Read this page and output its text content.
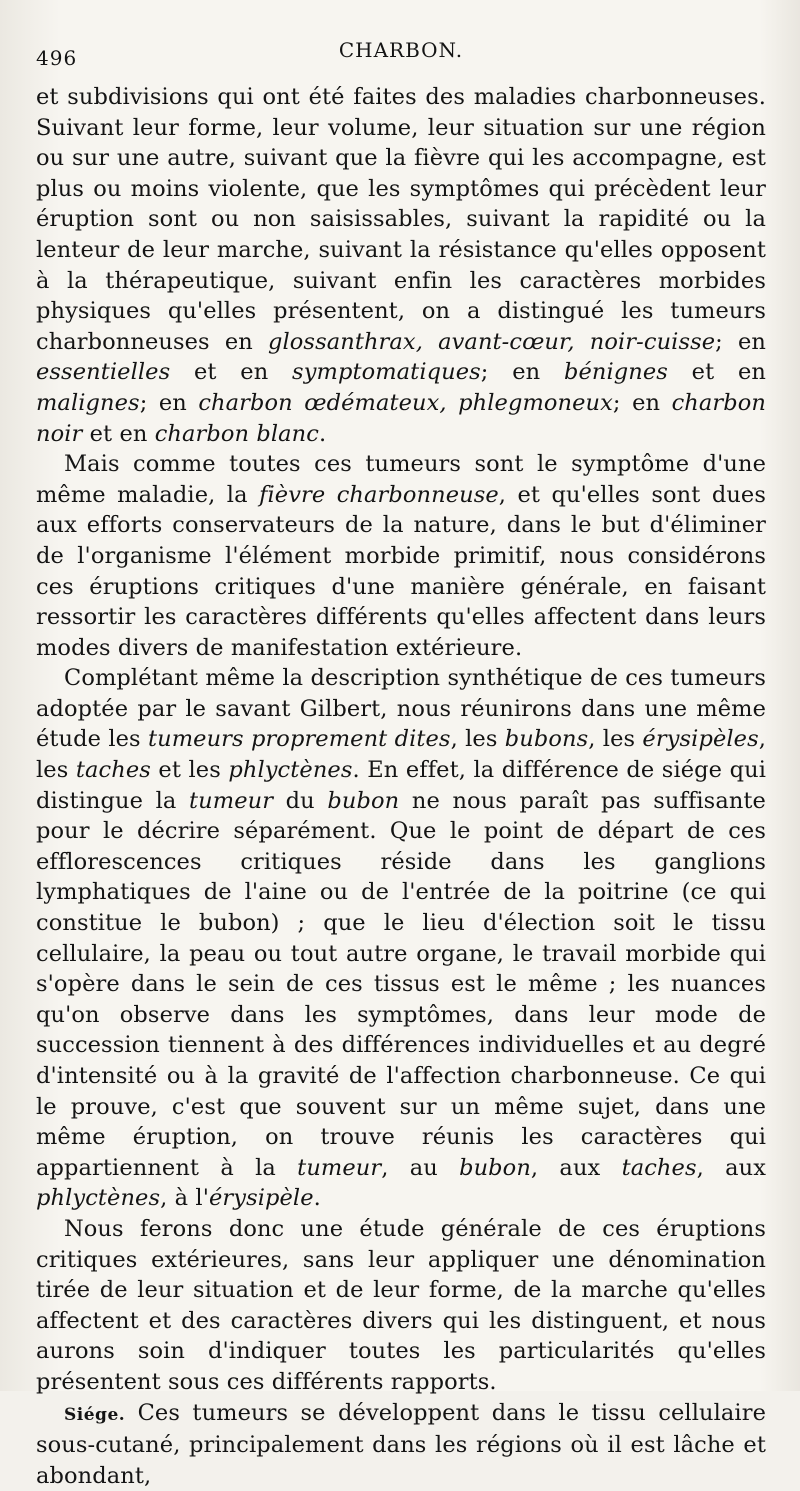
496	CHARBON.

et subdivisions qui ont été faites des maladies charbonneuses. Suivant leur forme, leur volume, leur situation sur une région ou sur une autre, suivant que la fièvre qui les accompagne, est plus ou moins violente, que les symptômes qui précèdent leur éruption sont ou non saisissables, suivant la rapidité ou la lenteur de leur marche, suivant la résistance qu'elles opposent à la thérapeutique, suivant enfin les caractères morbides physiques qu'elles présentent, on a distingué les tumeurs charbonneuses en glossanthrax, avant-cœur, noir-cuisse; en essentielles et en symptomatiques; en bénignes et en malignes; en charbon œdémateux, phlegmoneux; en charbon noir et en charbon blanc.

Mais comme toutes ces tumeurs sont le symptôme d'une même maladie, la fièvre charbonneuse, et qu'elles sont dues aux efforts conservateurs de la nature, dans le but d'éliminer de l'organisme l'élément morbide primitif, nous considérons ces éruptions critiques d'une manière générale, en faisant ressortir les caractères différents qu'elles affectent dans leurs modes divers de manifestation extérieure.

Complétant même la description synthétique de ces tumeurs adoptée par le savant Gilbert, nous réunirons dans une même étude les tumeurs proprement dites, les bubons, les érysipèles, les taches et les phlyctènes. En effet, la différence de siége qui distingue la tumeur du bubon ne nous paraît pas suffisante pour le décrire séparément. Que le point de départ de ces efflorescences critiques réside dans les ganglions lymphatiques de l'aine ou de l'entrée de la poitrine (ce qui constitue le bubon) ; que le lieu d'élection soit le tissu cellulaire, la peau ou tout autre organe, le travail morbide qui s'opère dans le sein de ces tissus est le même ; les nuances qu'on observe dans les symptômes, dans leur mode de succession tiennent à des différences individuelles et au degré d'intensité ou à la gravité de l'affection charbonneuse. Ce qui le prouve, c'est que souvent sur un même sujet, dans une même éruption, on trouve réunis les caractères qui appartiennent à la tumeur, au bubon, aux taches, aux phlyctènes, à l'érysipèle.

Nous ferons donc une étude générale de ces éruptions critiques extérieures, sans leur appliquer une dénomination tirée de leur situation et de leur forme, de la marche qu'elles affectent et des caractères divers qui les distinguent, et nous aurons soin d'indiquer toutes les particularités qu'elles présentent sous ces différents rapports.

Siége. Ces tumeurs se développent dans le tissu cellulaire sous-cutané, principalement dans les régions où il est lâche et abondant,
